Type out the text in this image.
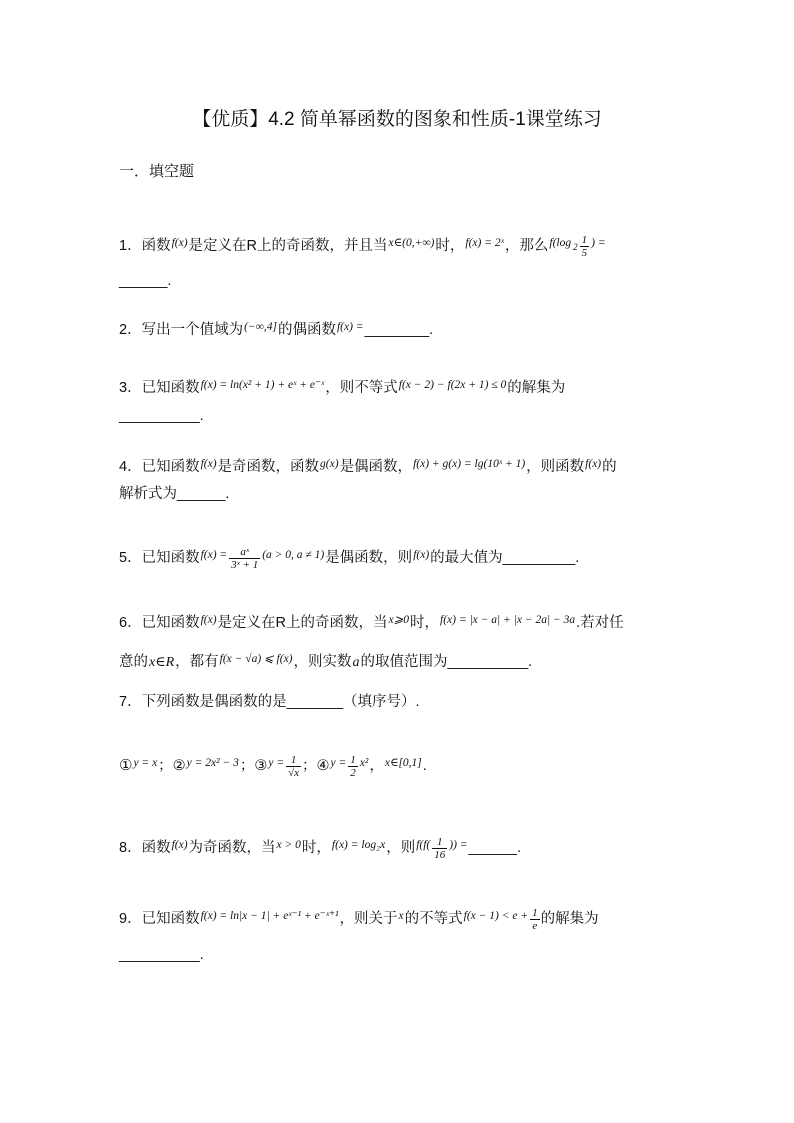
【优质】4.2 简单幂函数的图象和性质-1课堂练习
一．填空题
1．函数$^{f(x)}$是定义在R上的奇函数，并且当$^{x\in(0,+\infty)}$时，$^{f(x) = 2ˣ}$，那么$^{f(log}$ $2 \frac{1}{5} ^{) =}$
______.
2．写出一个值域为$^{(-\infty,4]}$的偶函数$^{f(x) =}$________.
3．已知函数$^{f(x) = ln(x^2 + 1) + eˣ + e^-ˣ}$，则不等式$^{f(x - 2) - f(2x + 1) \le 0}$的解集为
__________.
4．已知函数$^{f(x)}$是奇函数，函数$^{g(x)}$是偶函数，$^{f(x) + g(x) = lg(10ˣ + 1)}$，则函数$^{f(x)}$的
解析式为______.
5．已知函数$^{f(x) =} \frac{\text{aˣ}}{\text{3ˣ + 1}} ^{(a > 0, a \ne 1)}$是偶函数，则$^{f(x)}$的最大值为_________.
6．已知函数$^{f(x)}$是定义在R上的奇函数，当$^{x⩾0}$时，$^{f(x) = |x - a| + |x - 2a| - 3a}$.若对任
意的x∈R，都有$^{f(x - √a) ⩽ f(x)}$，则实数a的取值范围为__________.
7．下列函数是偶函数的是_______（填序号）.
①$^{y = x}$；②$^{y = 2x^2 - 3}$；③$^{y =}$ $\frac{1}{√x}$ ；④$^{y =}$ $\frac{1}{2} ^{x^2}$，$^{x\in[0,1]}$.
8．函数$^{f(x)}$为奇函数，当$^{x > 0}$时，$^{f(x) = log_2x}$，则$^{f(f(} \frac{1}{16}$ )) =______.
9．已知函数$^{f(x) = ln|x - 1| + eˣ^{-1} + e^-ˣ^{+1}}$，则关于$^x$的不等式$^{f(x - 1) < e +} \frac{1}{e}$ 的解集为
__________.
